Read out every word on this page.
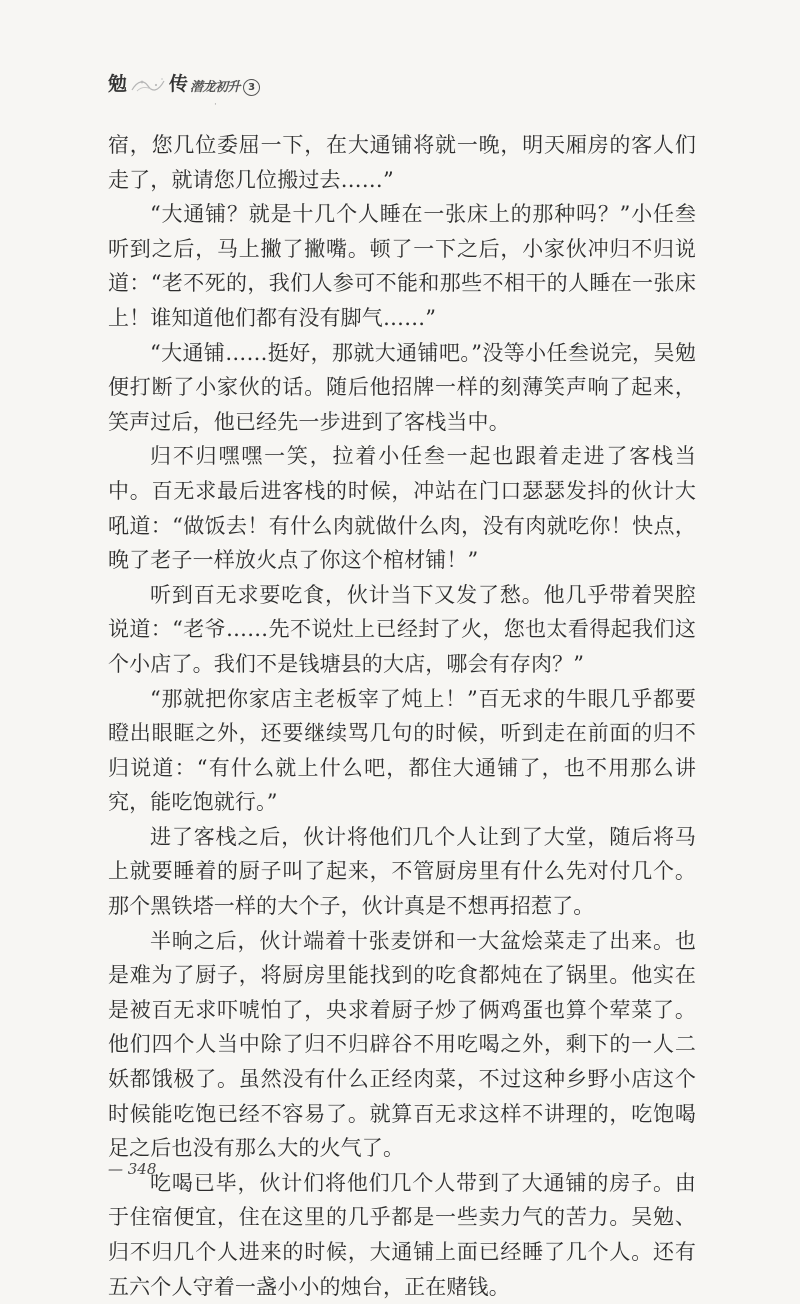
勉 传 潜龙初升 3
·

宿，您几位委屈一下，在大通铺将就一晚，明天厢房的客人们走了，就请您几位搬过去……”

“大通铺？就是十几个人睡在一张床上的那种吗？”小任叁听到之后，马上撇了撇嘴。顿了一下之后，小家伙冲归不归说道：“老不死的，我们人参可不能和那些不相干的人睡在一张床上！谁知道他们都有没有脚气……”

“大通铺……挺好，那就大通铺吧。”没等小任叁说完，吴勉便打断了小家伙的话。随后他招牌一样的刻薄笑声响了起来，笑声过后，他已经先一步进到了客栈当中。

归不归嘿嘿一笑，拉着小任叁一起也跟着走进了客栈当中。百无求最后进客栈的时候，冲站在门口瑟瑟发抖的伙计大吼道：“做饭去！有什么肉就做什么肉，没有肉就吃你！快点，晚了老子一样放火点了你这个棺材铺！”

听到百无求要吃食，伙计当下又发了愁。他几乎带着哭腔说道：“老爷……先不说灶上已经封了火，您也太看得起我们这个小店了。我们不是钱塘县的大店，哪会有存肉？”

“那就把你家店主老板宰了炖上！”百无求的牛眼几乎都要瞪出眼眶之外，还要继续骂几句的时候，听到走在前面的归不归说道：“有什么就上什么吧，都住大通铺了，也不用那么讲究，能吃饱就行。”

进了客栈之后，伙计将他们几个人让到了大堂，随后将马上就要睡着的厨子叫了起来，不管厨房里有什么先对付几个。那个黑铁塔一样的大个子，伙计真是不想再招惹了。

半晌之后，伙计端着十张麦饼和一大盆烩菜走了出来。也是难为了厨子，将厨房里能找到的吃食都炖在了锅里。他实在是被百无求吓唬怕了，央求着厨子炒了俩鸡蛋也算个荤菜了。他们四个人当中除了归不归辟谷不用吃喝之外，剩下的一人二妖都饿极了。虽然没有什么正经肉菜，不过这种乡野小店这个时候能吃饱已经不容易了。就算百无求这样不讲理的，吃饱喝足之后也没有那么大的火气了。

吃喝已毕，伙计们将他们几个人带到了大通铺的房子。由于住宿便宜，住在这里的几乎都是一些卖力气的苦力。吴勉、归不归几个人进来的时候，大通铺上面已经睡了几个人。还有五六个人守着一盏小小的烛台，正在赌钱。

— 348
